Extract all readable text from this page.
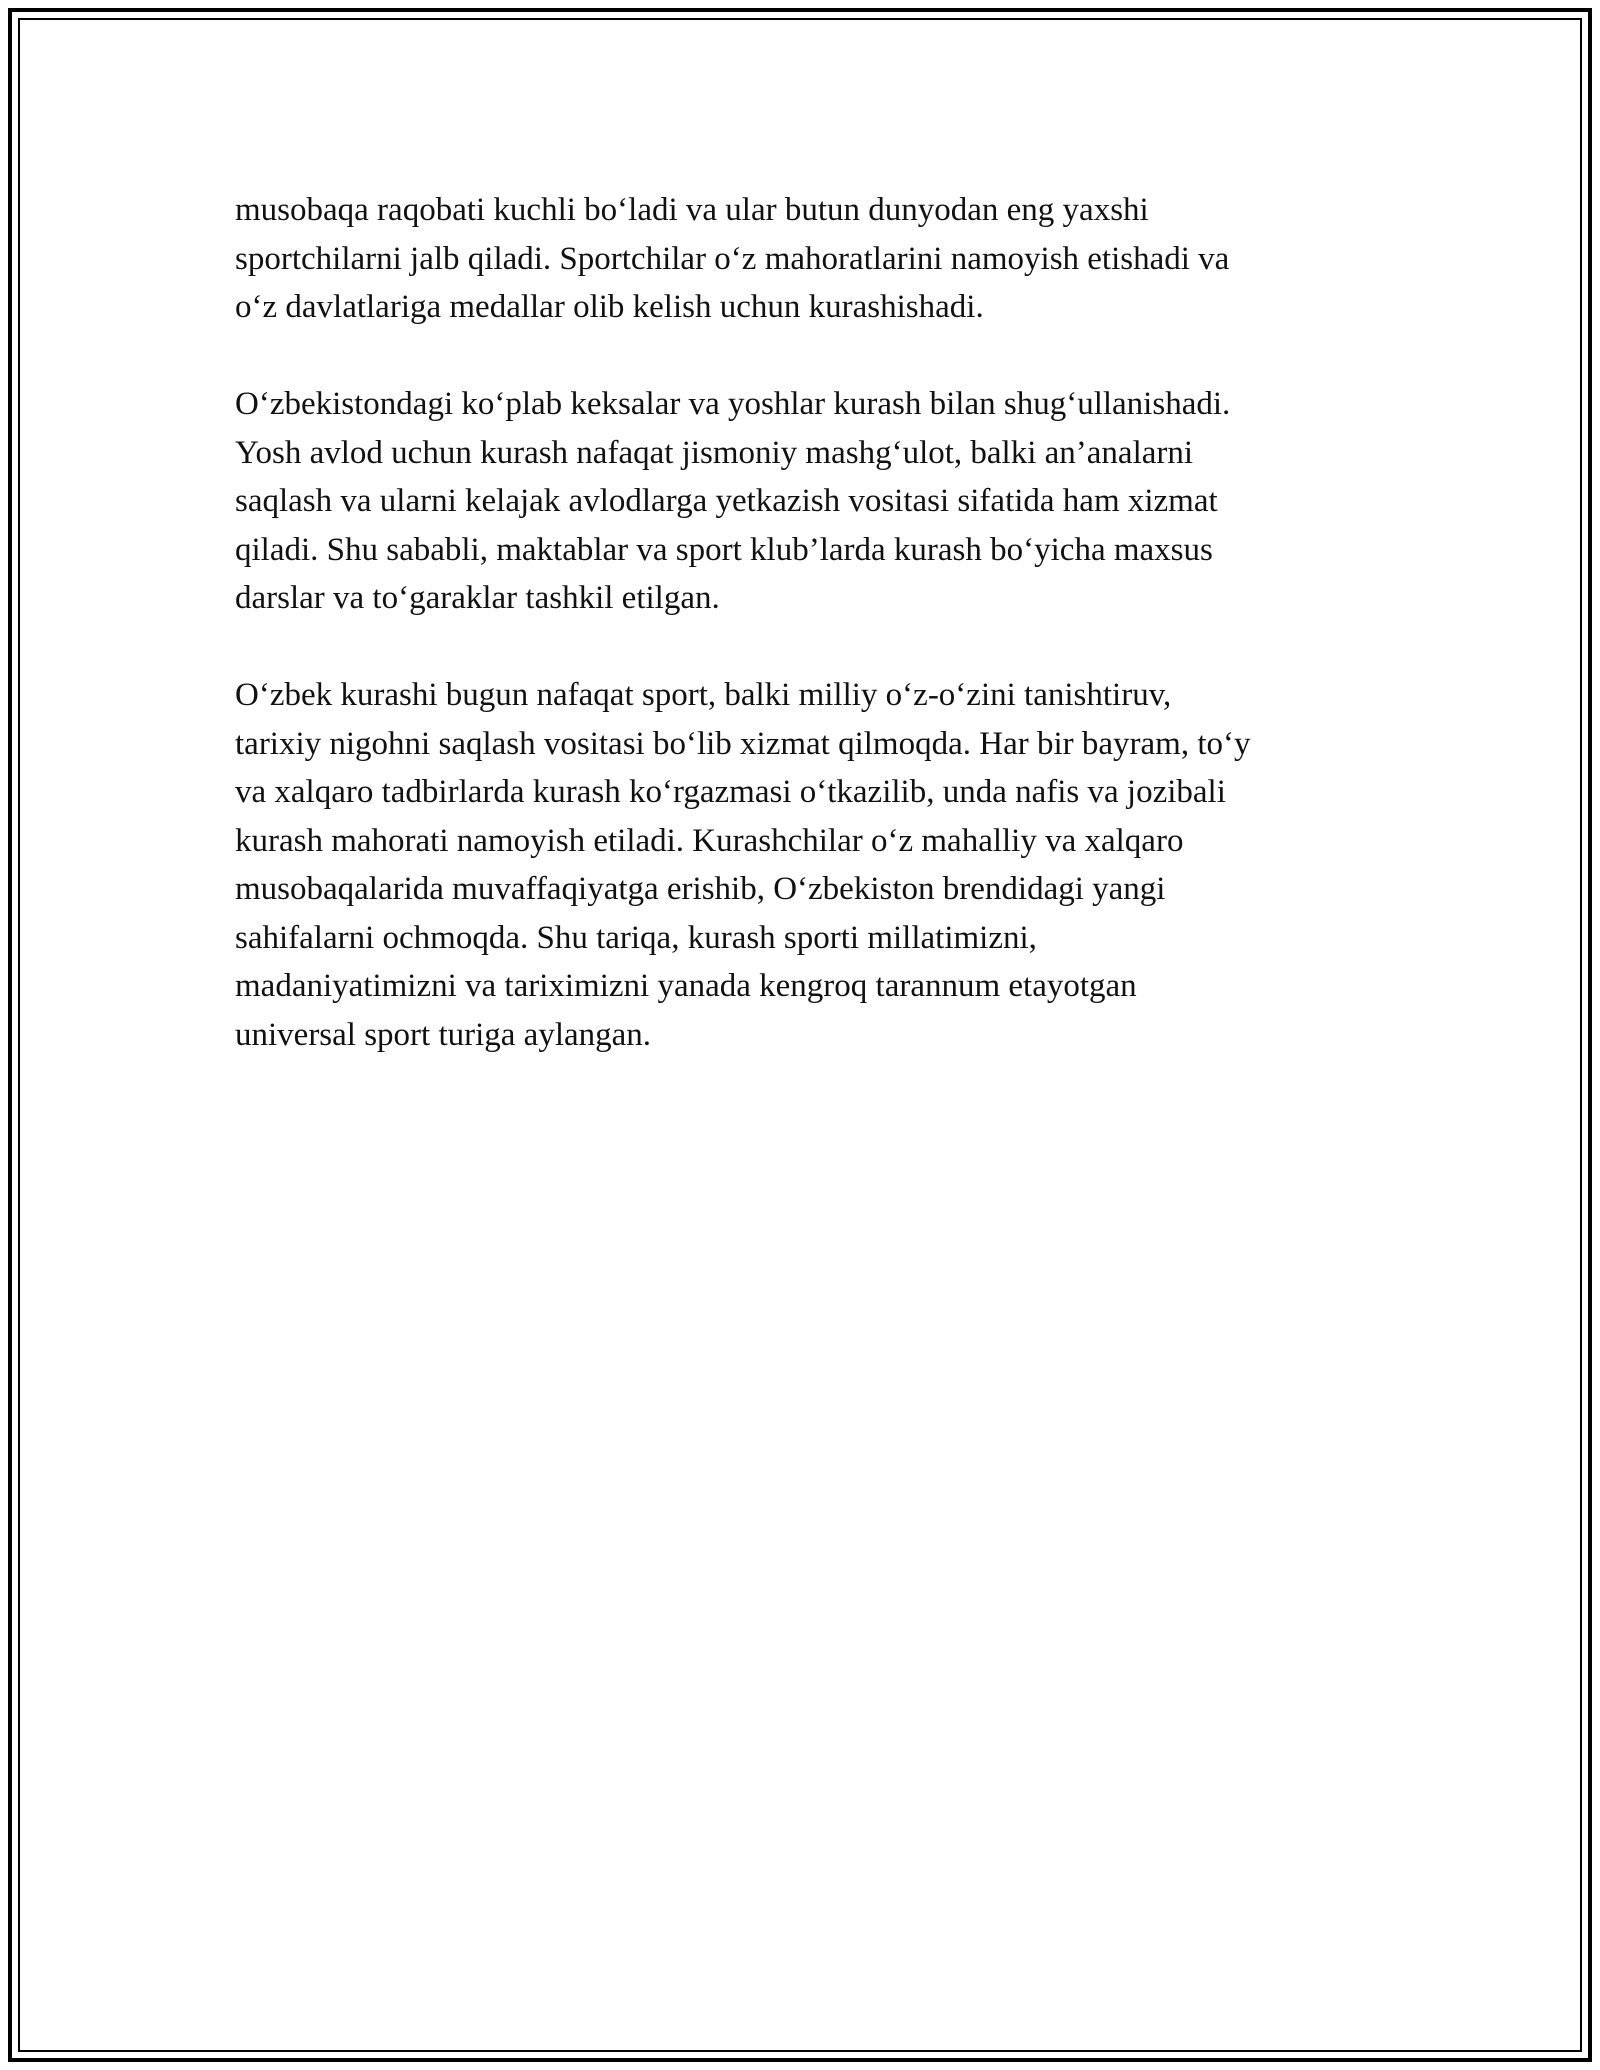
musobaqa raqobati kuchli bo‘ladi va ular butun dunyodan eng yaxshi
sportchilarni jalb qiladi. Sportchilar o‘z mahoratlarini namoyish etishadi va
o‘z davlatlariga medallar olib kelish uchun kurashishadi.

O‘zbekistondagi ko‘plab keksalar va yoshlar kurash bilan shug‘ullanishadi.
Yosh avlod uchun kurash nafaqat jismoniy mashg‘ulot, balki an’analarni
saqlash va ularni kelajak avlodlarga yetkazish vositasi sifatida ham xizmat
qiladi. Shu sababli, maktablar va sport klub’larda kurash bo‘yicha maxsus
darslar va to‘garaklar tashkil etilgan.

O‘zbek kurashi bugun nafaqat sport, balki milliy o‘z-o‘zini tanishtiruv,
tarixiy nigohni saqlash vositasi bo‘lib xizmat qilmoqda. Har bir bayram, to‘y
va xalqaro tadbirlarda kurash ko‘rgazmasi o‘tkazilib, unda nafis va jozibali
kurash mahorati namoyish etiladi. Kurashchilar o‘z mahalliy va xalqaro
musobaqalarida muvaffaqiyatga erishib, O‘zbekiston brendidagi yangi
sahifalarni ochmoqda. Shu tariqa, kurash sporti millatimizni,
madaniyatimizni va tariximizni yanada kengroq tarannum etayotgan
universal sport turiga aylangan.
